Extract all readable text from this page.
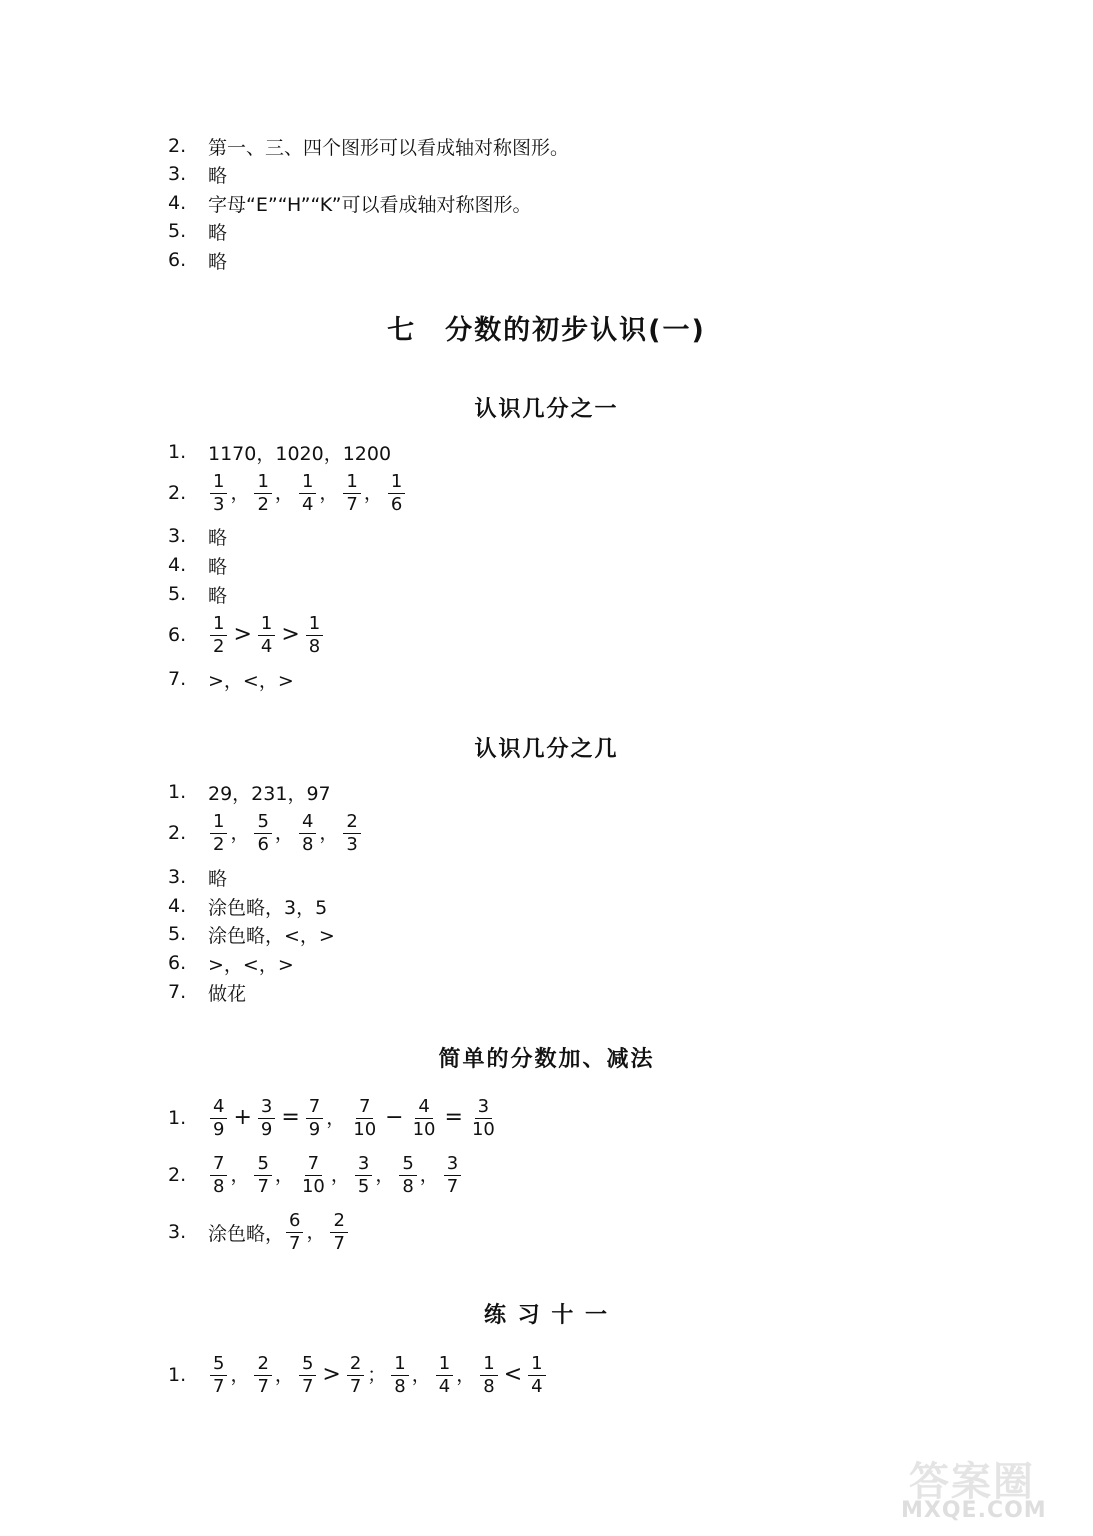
2.	第一、三、四个图形可以看成轴对称图形。
3.	略
4.	字母“E”“H”“K”可以看成轴对称图形。
5.	略
6.	略
七　分数的初步认识(一)
认识几分之一
1.	1170，1020，1200
2.	$\frac{1}{3}$ ， $\frac{1}{2}$ ， $\frac{1}{4}$ ， $\frac{1}{7}$ ， $\frac{1}{6}$
3.	略
4.	略
5.	略
6.	$\frac{1}{2} > \frac{1}{4} > \frac{1}{8}$
7.	>，<，>
认识几分之几
1.	29，231，97
2.	$\frac{1}{2}$ ， $\frac{5}{6}$ ， $\frac{4}{8}$ ， $\frac{2}{3}$
3.	略
4.	涂色略，3，5
5.	涂色略，<，>
6.	>，<，>
7.	做花
简单的分数加、减法
1.	$\frac{4}{9} + \frac{3}{9} = \frac{7}{9}$ ， $\frac{7}{10} - \frac{4}{10} = \frac{3}{10}$
2.	$\frac{7}{8}$ ， $\frac{5}{7}$ ， $\frac{7}{10}$ ， $\frac{3}{5}$ ， $\frac{5}{8}$ ， $\frac{3}{7}$
3.	涂色略， $\frac{6}{7}$ ， $\frac{2}{7}$
练 习 十 一
1.	$\frac{5}{7}$ ， $\frac{2}{7}$ ， $\frac{5}{7} > \frac{2}{7}$ ； $\frac{1}{8}$ ， $\frac{1}{4}$ ， $\frac{1}{8} < \frac{1}{4}$
答案圈
MXQE.COM
